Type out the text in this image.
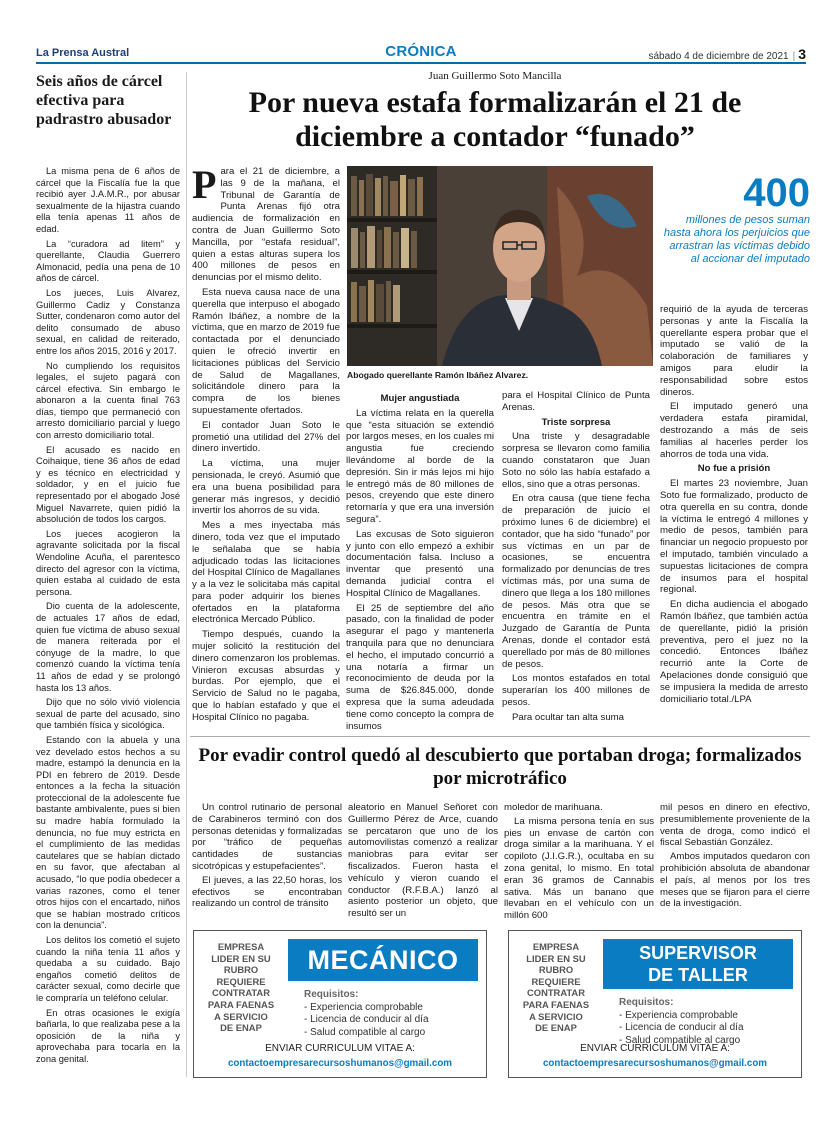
La Prensa Austral	CRÓNICA	sábado 4 de diciembre de 2021 | 3
Seis años de cárcel efectiva para padrastro abusador

La misma pena de 6 años de cárcel que la Fiscalía fue la que recibió ayer J.A.M.R., por abusar sexualmente de la hijastra cuando ella tenía apenas 11 años de edad.

La “curadora ad litem” y querellante, Claudia Guerrero Almonacid, pedía una pena de 10 años de cárcel.

Los jueces, Luis Alvarez, Guillermo Cadiz y Constanza Sutter, condenaron como autor del delito consumado de abuso sexual, en calidad de reiterado, entre los años 2015, 2016 y 2017.

No cumpliendo los requisitos legales, el sujeto pagará con cárcel efectiva. Sin embargo le abonaron a la cuenta final 763 días, tiempo que permaneció con arresto domiciliario parcial y luego con arresto domiciliario total.

El acusado es nacido en Coihaique, tiene 36 años de edad y es técnico en electricidad y soldador, y en el juicio fue representado por el abogado José Miguel Navarrete, quien pidió la absolución de todos los cargos.

Los jueces acogieron la agravante solicitada por la fiscal Wendoline Acuña, el parentesco directo del agresor con la víctima, quien estaba al cuidado de esta persona.

Dio cuenta de la adolescente, de actuales 17 años de edad, quien fue víctima de abuso sexual de manera reiterada por el cónyuge de la madre, lo que comenzó cuando la víctima tenía 11 años de edad y se prolongó hasta los 13 años.

Dijo que no sólo vivió violencia sexual de parte del acusado, sino que también física y sicológica.

Estando con la abuela y una vez develado estos hechos a su madre, estampó la denuncia en la PDI en febrero de 2019. Desde entonces a la fecha la situación proteccional de la adolescente fue bastante ambivalente, pues si bien su madre había formulado la denuncia, no fue muy estricta en el cumplimiento de las medidas cautelares que se habían dictado en su favor, que afectaban al acusado, “lo que podía obedecer a varias razones, como el tener otros hijos con el encartado, niños que se habían mostrado críticos con la denuncia”.

Los delitos los cometió el sujeto cuando la niña tenía 11 años y quedaba a su cuidado. Bajo engaños cometió delitos de carácter sexual, como decirle que le compraría un teléfono celular.

En otras ocasiones le exigía bañarla, lo que realizaba pese a la oposición de la niña y aprovechaba para tocarla en la zona genital.

Juan Guillermo Soto Mancilla
Por nueva estafa formalizarán el 21 de diciembre a contador “funado”

Para el 21 de diciembre, a las 9 de la mañana, el Tribunal de Garantía de Punta Arenas fijó otra audiencia de formalización en contra de Juan Guillermo Soto Mancilla, por “estafa residual”, quien a estas alturas supera los 400 millones de pesos en denuncias por el mismo delito.

Esta nueva causa nace de una querella que interpuso el abogado Ramón Ibáñez, a nombre de la víctima, que en marzo de 2019 fue contactada por el denunciado quien le ofreció invertir en licitaciones públicas del Servicio de Salud de Magallanes, solicitándole dinero para la compra de los bienes supuestamente ofertados.

El contador Juan Soto le prometió una utilidad del 27% del dinero invertido.

La víctima, una mujer pensionada, le creyó. Asumió que era una buena posibilidad para generar más ingresos, y decidió invertir los ahorros de su vida.

Mes a mes inyectaba más dinero, toda vez que el imputado le señalaba que se había adjudicado todas las licitaciones del Hospital Clínico de Magallanes y a la vez le solicitaba más capital para poder adquirir los bienes ofertados en la plataforma electrónica Mercado Público.

Tiempo después, cuando la mujer solicitó la restitución del dinero comenzaron los problemas. Vinieron excusas absurdas y burdas. Por ejemplo, que el Servicio de Salud no le pagaba, que lo habían estafado y que el Hospital Clínico no pagaba.

Abogado querellante Ramón Ibáñez Alvarez.
400
millones de pesos suman hasta ahora los perjuicios que arrastran las víctimas debido al accionar del imputado

Mujer angustiada

La víctima relata en la querella que “esta situación se extendió por largos meses, en los cuales mi angustia fue creciendo llevándome al borde de la depresión. Sin ir más lejos mi hijo le entregó más de 80 millones de pesos, creyendo que este dinero retornaría y que era una inversión segura”.

Las excusas de Soto siguieron y junto con ello empezó a exhibir documentación falsa. Incluso a inventar que presentó una demanda judicial contra el Hospital Clínico de Magallanes.

El 25 de septiembre del año pasado, con la finalidad de poder asegurar el pago y mantenerla tranquila para que no denunciara el hecho, el imputado concurrió a una notaría a firmar un reconocimiento de deuda por la suma de $26.845.000, donde expresa que la suma adeudada tiene como concepto la compra de insumos

para el Hospital Clínico de Punta Arenas.

Triste sorpresa

Una triste y desagradable sorpresa se llevaron como familia cuando constataron que Juan Soto no sólo las había estafado a ellos, sino que a otras personas.

En otra causa (que tiene fecha de preparación de juicio el próximo lunes 6 de diciembre) el contador, que ha sido “funado” por sus víctimas en un par de ocasiones, se encuentra formalizado por denuncias de tres víctimas más, por una suma de dinero que llega a los 180 millones de pesos. Más otra que se encuentra en trámite en el Juzgado de Garantía de Punta Arenas, donde el contador está querellado por más de 80 millones de pesos.

Los montos estafados en total superarían los 400 millones de pesos.

Para ocultar tan alta suma

requirió de la ayuda de terceras personas y ante la Fiscalía la querellante espera probar que el imputado se valió de la colaboración de familiares y amigos para eludir la responsabilidad sobre estos dineros.

El imputado generó una verdadera estafa piramidal, destrozando a más de seis familias al hacerles perder los ahorros de toda una vida.

No fue a prisión

El martes 23 noviembre, Juan Soto fue formalizado, producto de otra querella en su contra, donde la víctima le entregó 4 millones y medio de pesos, también para financiar un negocio propuesto por el imputado, también vinculado a supuestas licitaciones de compra de insumos para el hospital regional.

En dicha audiencia el abogado Ramón Ibáñez, que también actúa de querellante, pidió la prisión preventiva, pero el juez no la concedió. Entonces Ibáñez recurrió ante la Corte de Apelaciones donde consiguió que se impusiera la medida de arresto domiciliario total./LPA

Por evadir control quedó al descubierto que portaban droga; formalizados por microtráfico

Un control rutinario de personal de Carabineros terminó con dos personas detenidas y formalizadas por “tráfico de pequeñas cantidades de sustancias sicotrópicas y estupefacientes”.

El jueves, a las 22,50 horas, los efectivos se encontraban realizando un control de tránsito

aleatorio en Manuel Señoret con Guillermo Pérez de Arce, cuando se percataron que uno de los automovilistas comenzó a realizar maniobras para evitar ser fiscalizados. Fueron hasta el vehículo y vieron cuando el conductor (R.F.B.A.) lanzó al asiento posterior un objeto, que resultó ser un

moledor de marihuana.

La misma persona tenía en sus pies un envase de cartón con droga similar a la marihuana. Y el copiloto (J.I.G.R.), ocultaba en su zona genital, lo mismo. En total eran 36 gramos de Cannabis sativa. Más un banano que llevaban en el vehículo con un millón 600

mil pesos en dinero en efectivo, presumiblemente proveniente de la venta de droga, como indicó el fiscal Sebastián González.

Ambos imputados quedaron con prohibición absoluta de abandonar el país, al menos por los tres meses que se fijaron para el cierre de la investigación.

EMPRESA
LIDER EN SU
RUBRO
REQUIERE
CONTRATAR
PARA FAENAS
A SERVICIO
DE ENAP
MECÁNICO
Requisitos:
- Experiencia comprobable
- Licencia de conducir al día
- Salud compatible al cargo
ENVIAR CURRICULUM VITAE A:
contactoempresarecursoshumanos@gmail.com
EMPRESA
LIDER EN SU
RUBRO
REQUIERE
CONTRATAR
PARA FAENAS
A SERVICIO
DE ENAP
SUPERVISOR
DE TALLER
Requisitos:
- Experiencia comprobable
- Licencia de conducir al día
- Salud compatible al cargo
ENVIAR CURRICULUM VITAE A:
contactoempresarecursoshumanos@gmail.com
